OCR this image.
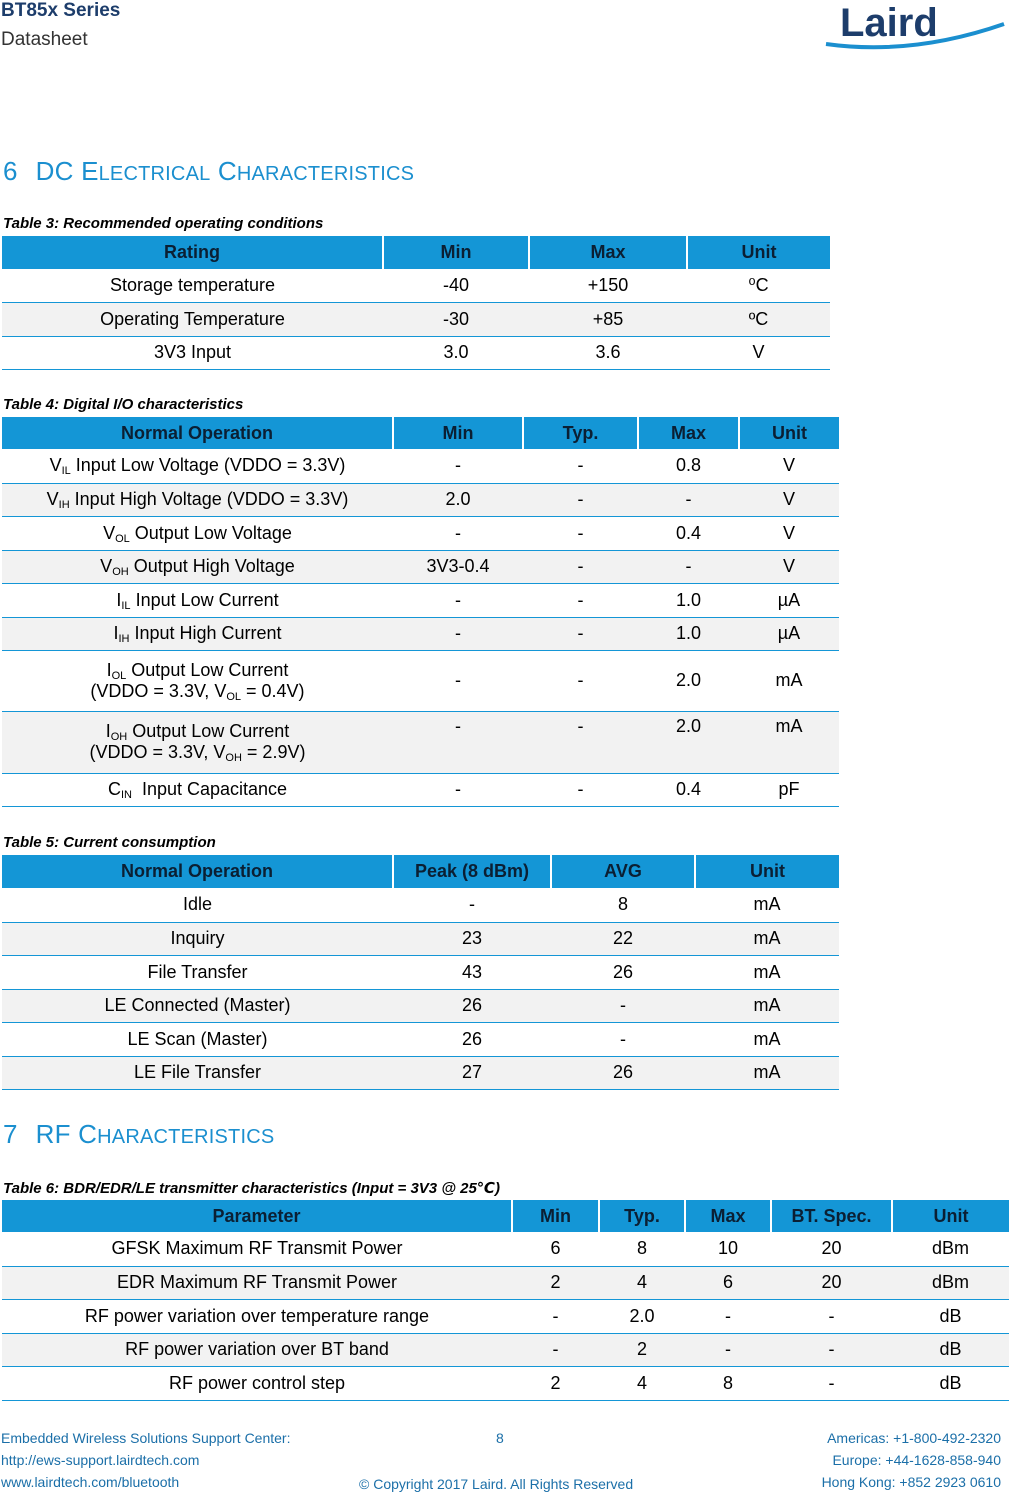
BT85x Series
Datasheet	Laird
6 DC ELECTRICAL CHARACTERISTICS
Table 3: Recommended operating conditions
Rating	Min	Max	Unit
Storage temperature	-40	+150	⁰C
Operating Temperature	-30	+85	ºC
3V3 Input	3.0	3.6	V
Table 4: Digital I/O characteristics
Normal Operation	Min	Typ.	Max	Unit
$V_{IL}$ Input Low Voltage (VDDO = 3.3V)	-	-	0.8	V
$V_{IH}$ Input High Voltage (VDDO = 3.3V)	2.0	-	-	V
$V_{OL}$ Output Low Voltage	-	-	0.4	V
$V_{OH}$ Output High Voltage	3V3-0.4	-	-	V
$I_{IL}$ Input Low Current	-	-	1.0	µA
$I_{IH}$ Input High Current	-	-	1.0	µA
$I_{OL}$ Output Low Current
(VDDO = 3.3V, $V_{OL} = 0.4V$)	-	-	2.0	mA
$I_{OH}$ Output Low Current
(VDDO = 3.3V, $V_{OH} = 2.9V$)	-	-	2.0	mA
$C_{IN}$  Input Capacitance	-	-	0.4	pF
Table 5: Current consumption
Normal Operation	Peak (8 dBm)	AVG	Unit
Idle	-	8	mA
Inquiry	23	22	mA
File Transfer	43	26	mA
LE Connected (Master)	26	-	mA
LE Scan (Master)	26	-	mA
LE File Transfer	27	26	mA
7 RF CHARACTERISTICS
Table 6: BDR/EDR/LE transmitter characteristics (Input = 3V3 @ 25℃)
Parameter	Min	Typ.	Max	BT. Spec.	Unit
GFSK Maximum RF Transmit Power	6	8	10	20	dBm
EDR Maximum RF Transmit Power	2	4	6	20	dBm
RF power variation over temperature range	-	2.0	-	-	dB
RF power variation over BT band	-	2	-	-	dB
RF power control step	2	4	8	-	dB
Embedded Wireless Solutions Support Center:
http://ews-support.lairdtech.com
www.lairdtech.com/bluetooth
8
© Copyright 2017 Laird. All Rights Reserved
Americas: +1-800-492-2320
Europe: +44-1628-858-940
Hong Kong: +852 2923 0610
